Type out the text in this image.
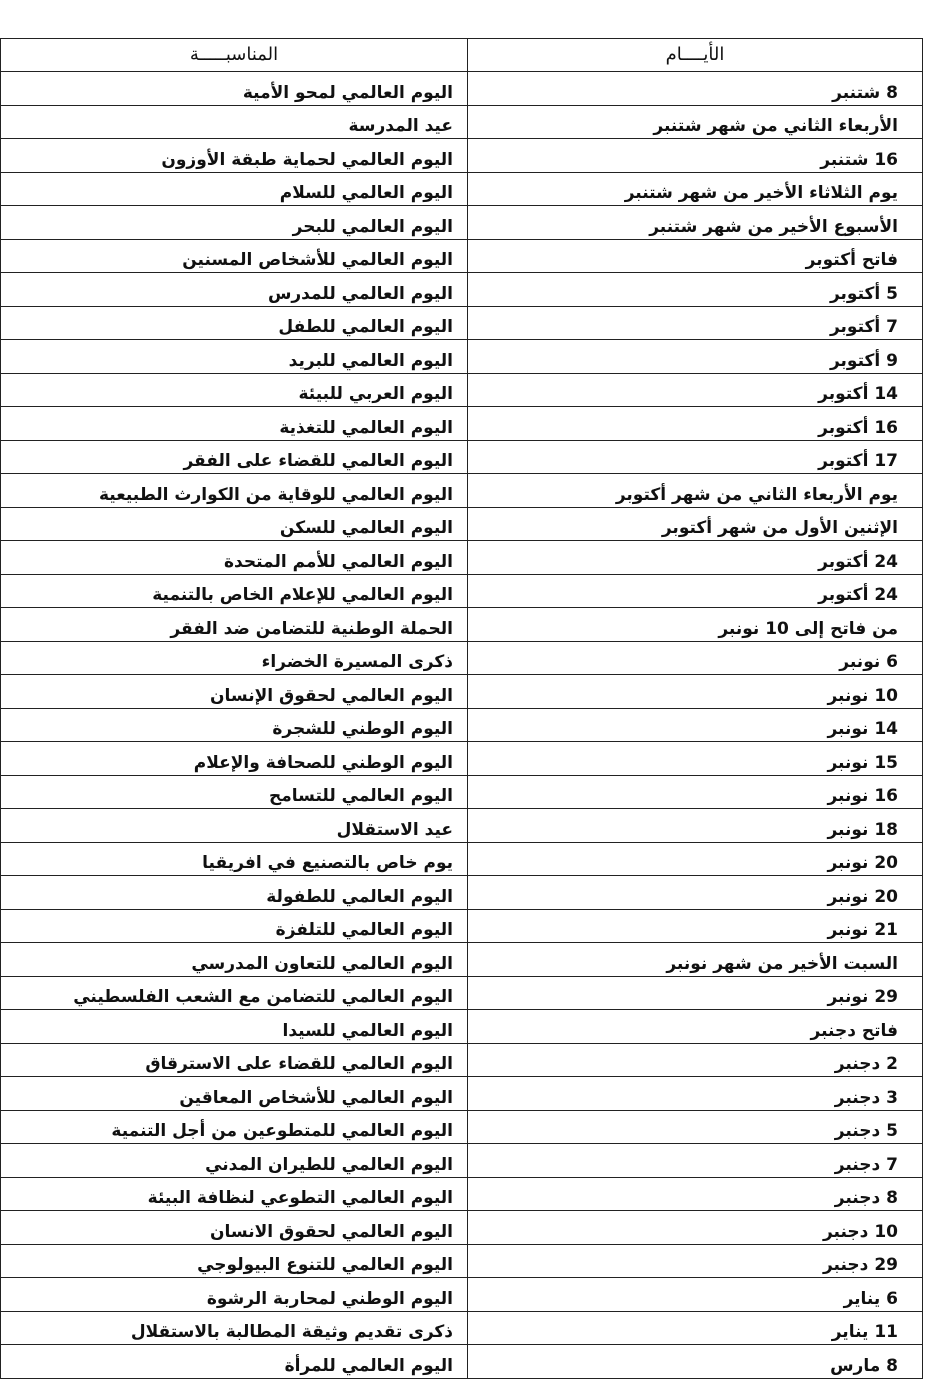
الأيــــام	المناسبـــــة
8 شتنبر	اليوم العالمي لمحو الأمية
الأربعاء الثاني من شهر شتنبر	عيد المدرسة
16 شتنبر	اليوم العالمي لحماية طبقة الأوزون
يوم الثلاثاء الأخير من شهر شتنبر	اليوم العالمي للسلام
الأسبوع الأخير من شهر شتنبر	اليوم العالمي للبحر
فاتح أكتوبر	اليوم العالمي للأشخاص المسنين
5 أكتوبر	اليوم العالمي للمدرس
7 أكتوبر	اليوم العالمي للطفل
9 أكتوبر	اليوم العالمي للبريد
14 أكتوبر	اليوم العربي للبيئة
16 أكتوبر	اليوم العالمي للتغذية
17 أكتوبر	اليوم العالمي للقضاء على الفقر
يوم الأربعاء الثاني من شهر أكتوبر	اليوم العالمي للوقاية من الكوارث الطبيعية
الإثنين الأول من شهر أكتوبر	اليوم العالمي للسكن
24 أكتوبر	اليوم العالمي للأمم المتحدة
24 أكتوبر	اليوم العالمي للإعلام الخاص بالتنمية
من فاتح إلى 10 نونبر	الحملة الوطنية للتضامن ضد الفقر
6 نونبر	ذكرى المسيرة الخضراء
10 نونبر	اليوم العالمي لحقوق الإنسان
14 نونبر	اليوم الوطني للشجرة
15 نونبر	اليوم الوطني للصحافة والإعلام
16 نونبر	اليوم العالمي للتسامح
18 نونبر	عيد الاستقلال
20 نونبر	يوم خاص بالتصنيع في افريقيا
20 نونبر	اليوم العالمي للطفولة
21 نونبر	اليوم العالمي للتلفزة
السبت الأخير من شهر نونبر	اليوم العالمي للتعاون المدرسي
29 نونبر	اليوم العالمي للتضامن مع الشعب الفلسطيني
فاتح دجنبر	اليوم العالمي للسيدا
2 دجنبر	اليوم العالمي للقضاء على الاسترقاق
3 دجنبر	اليوم العالمي للأشخاص المعاقين
5 دجنبر	اليوم العالمي للمتطوعين من أجل التنمية
7 دجنبر	اليوم العالمي للطيران المدني
8 دجنبر	اليوم العالمي التطوعي لنظافة البيئة
10 دجنبر	اليوم العالمي لحقوق الانسان
29 دجنبر	اليوم العالمي للتنوع البيولوجي
6 يناير	اليوم الوطني لمحاربة الرشوة
11 يناير	ذكرى تقديم وثيقة المطالبة بالاستقلال
8 مارس	اليوم العالمي للمرأة
